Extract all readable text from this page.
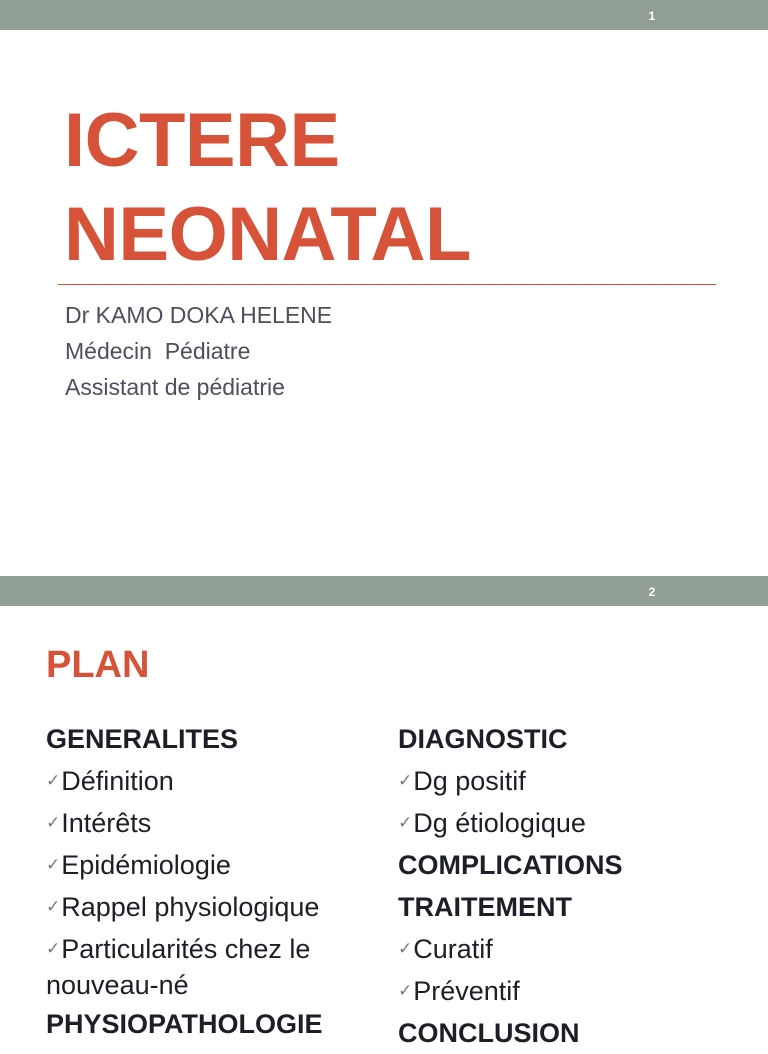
1
ICTERE
NEONATAL
Dr KAMO DOKA HELENE
Médecin  Pédiatre
Assistant de pédiatrie
2
PLAN
GENERALITES
✓Définition
✓Intérêts
✓Epidémiologie
✓Rappel physiologique
✓Particularités chez le nouveau-né
PHYSIOPATHOLOGIE
DIAGNOSTIC
✓Dg positif
✓Dg étiologique
COMPLICATIONS
TRAITEMENT
✓Curatif
✓Préventif
CONCLUSION
